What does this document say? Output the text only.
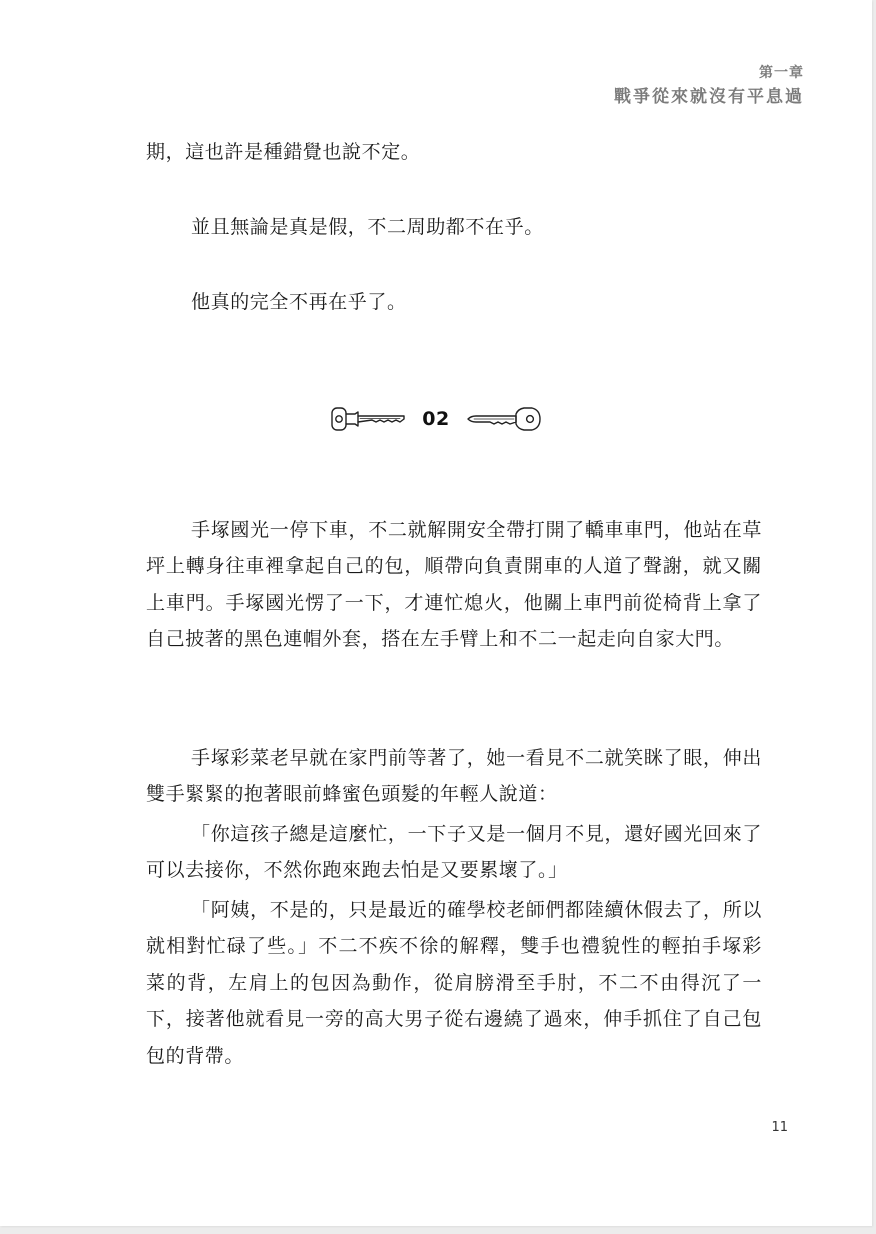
第一章
戰爭從來就沒有平息過

期，這也許是種錯覺也說不定。

並且無論是真是假，不二周助都不在乎。

他真的完全不再在乎了。

02

手塚國光一停下車，不二就解開安全帶打開了轎車車門，他站在草坪上轉身往車裡拿起自己的包，順帶向負責開車的人道了聲謝，就又關上車門。手塚國光愣了一下，才連忙熄火，他關上車門前從椅背上拿了自己披著的黑色連帽外套，搭在左手臂上和不二一起走向自家大門。

手塚彩菜老早就在家門前等著了，她一看見不二就笑眯了眼，伸出雙手緊緊的抱著眼前蜂蜜色頭髮的年輕人說道：

「你這孩子總是這麼忙，一下子又是一個月不見，還好國光回來了可以去接你，不然你跑來跑去怕是又要累壞了。」

「阿姨，不是的，只是最近的確學校老師們都陸續休假去了，所以就相對忙碌了些。」不二不疾不徐的解釋，雙手也禮貌性的輕拍手塚彩菜的背，左肩上的包因為動作，從肩膀滑至手肘，不二不由得沉了一下，接著他就看見一旁的高大男子從右邊繞了過來，伸手抓住了自己包包的背帶。

11
